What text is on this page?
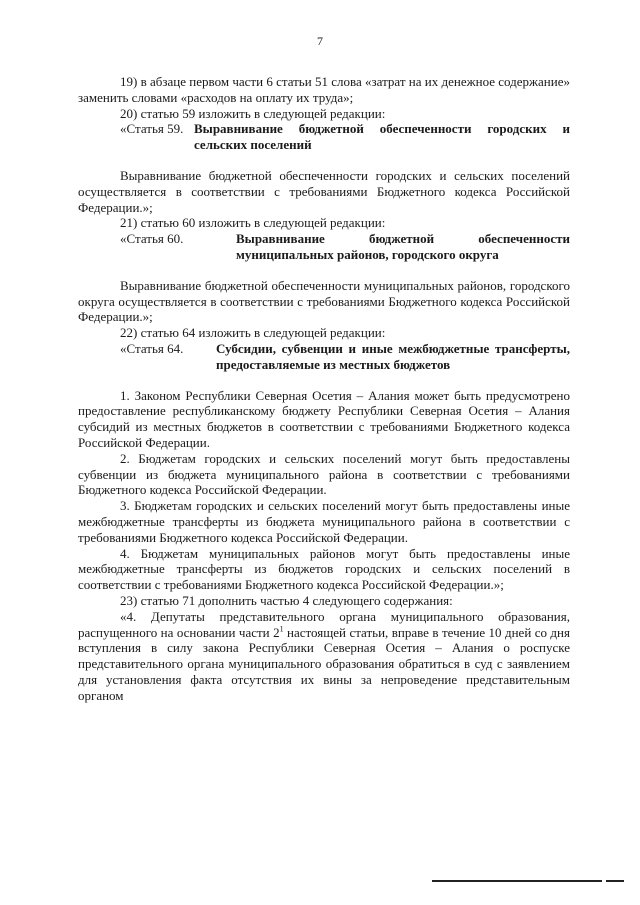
7

19) в абзаце первом части 6 статьи 51 слова «затрат на их денежное содержание» заменить словами «расходов на оплату их труда»;

20) статью 59 изложить в следующей редакции:

«Статья 59. Выравнивание бюджетной обеспеченности городских и сельских поселений

Выравнивание бюджетной обеспеченности городских и сельских поселений осуществляется в соответствии с требованиями Бюджетного кодекса Российской Федерации.»;

21) статью 60 изложить в следующей редакции:

«Статья 60.	Выравнивание бюджетной обеспеченности муниципальных районов, городского округа

Выравнивание бюджетной обеспеченности муниципальных районов, городского округа осуществляется в соответствии с требованиями Бюджетного кодекса Российской Федерации.»;

22) статью 64 изложить в следующей редакции:

«Статья 64.	Субсидии, субвенции и иные межбюджетные трансферты, предоставляемые из местных бюджетов

1. Законом Республики Северная Осетия – Алания может быть предусмотрено предоставление республиканскому бюджету Республики Северная Осетия – Алания субсидий из местных бюджетов в соответствии с требованиями Бюджетного кодекса Российской Федерации.

2. Бюджетам городских и сельских поселений могут быть предоставлены субвенции из бюджета муниципального района в соответствии с требованиями Бюджетного кодекса Российской Федерации.

3. Бюджетам городских и сельских поселений могут быть предоставлены иные межбюджетные трансферты из бюджета муниципального района в соответствии с требованиями Бюджетного кодекса Российской Федерации.

4. Бюджетам муниципальных районов могут быть предоставлены иные межбюджетные трансферты из бюджетов городских и сельских поселений в соответствии с требованиями Бюджетного кодекса Российской Федерации.»;

23) статью 71 дополнить частью 4 следующего содержания:

«4. Депутаты представительного органа муниципального образования, распущенного на основании части $2^1$ настоящей статьи, вправе в течение 10 дней со дня вступления в силу закона Республики Северная Осетия – Алания о роспуске представительного органа муниципального образования обратиться в суд с заявлением для установления факта отсутствия их вины за непроведение представительным органом
